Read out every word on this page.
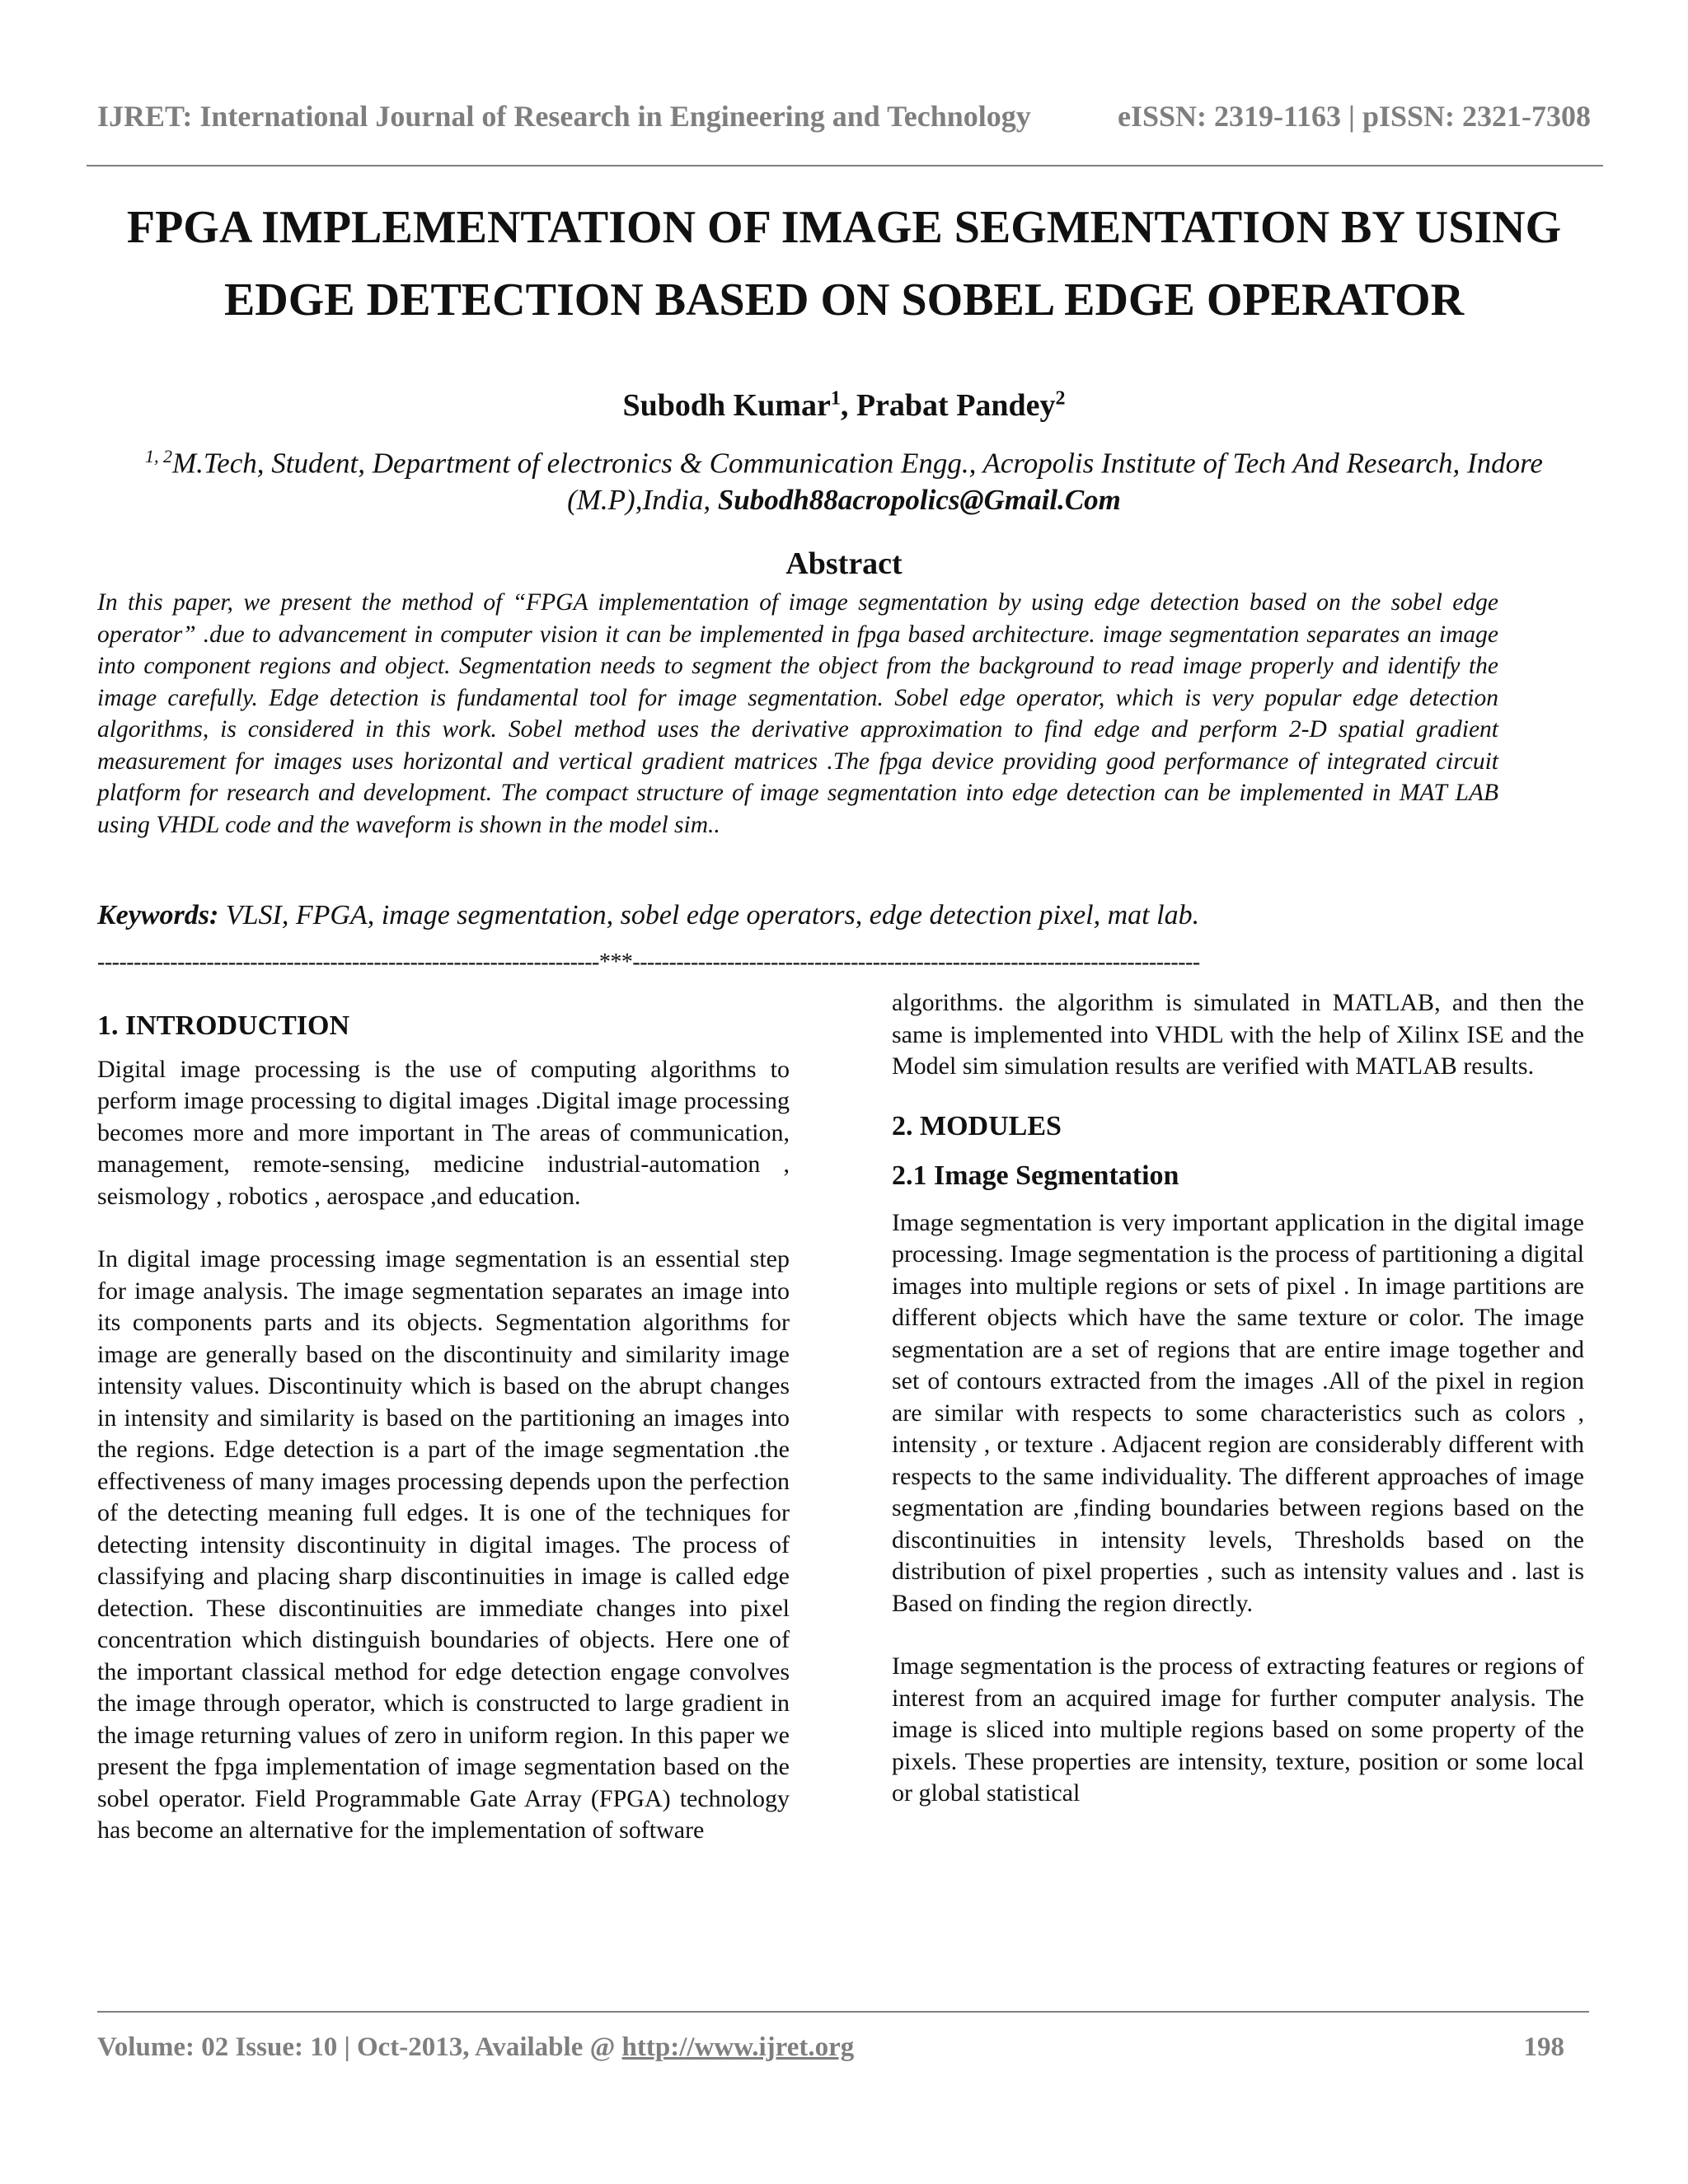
IJRET: International Journal of Research in Engineering and Technology	eISSN: 2319-1163 | pISSN: 2321-7308
FPGA IMPLEMENTATION OF IMAGE SEGMENTATION BY USING
EDGE DETECTION BASED ON SOBEL EDGE OPERATOR
Subodh Kumar$^1$, Prabat Pandey$^2$
$^{1, 2}$M.Tech, Student, Department of electronics & Communication Engg., Acropolis Institute of Tech And Research, Indore (M.P),India, Subodh88acropolics@Gmail.Com
Abstract
In this paper, we present the method of “FPGA implementation of image segmentation by using edge detection based on the sobel edge operator” .due to advancement in computer vision it can be implemented in fpga based architecture. image segmentation separates an image into component regions and object. Segmentation needs to segment the object from the background to read image properly and identify the image carefully. Edge detection is fundamental tool for image segmentation. Sobel edge operator, which is very popular edge detection algorithms, is considered in this work. Sobel method uses the derivative approximation to find edge and perform 2-D spatial gradient measurement for images uses horizontal and vertical gradient matrices .The fpga device providing good performance of integrated circuit platform for research and development. The compact structure of image segmentation into edge detection can be implemented in MAT LAB using VHDL code and the waveform is shown in the model sim..
Keywords: VLSI, FPGA, image segmentation, sobel edge operators, edge detection pixel, mat lab.
---------------------------------------------------------------------***------------------------------------------------------------------------------
1. INTRODUCTION

Digital image processing is the use of computing algorithms to perform image processing to digital images .Digital image processing becomes more and more important in The areas of communication, management, remote-sensing, medicine industrial-automation , seismology , robotics , aerospace ,and education.

In digital image processing image segmentation is an essential step for image analysis. The image segmentation separates an image into its components parts and its objects. Segmentation algorithms for image are generally based on the discontinuity and similarity image intensity values. Discontinuity which is based on the abrupt changes in intensity and similarity is based on the partitioning an images into the regions. Edge detection is a part of the image segmentation .the effectiveness of many images processing depends upon the perfection of the detecting meaning full edges. It is one of the techniques for detecting intensity discontinuity in digital images. The process of classifying and placing sharp discontinuities in image is called edge detection. These discontinuities are immediate changes into pixel concentration which distinguish boundaries of objects. Here one of the important classical method for edge detection engage convolves the image through operator, which is constructed to large gradient in the image returning values of zero in uniform region. In this paper we present the fpga implementation of image segmentation based on the sobel operator. Field Programmable Gate Array (FPGA) technology has become an alternative for the implementation of software

algorithms. the algorithm is simulated in MATLAB, and then the same is implemented into VHDL with the help of Xilinx ISE and the Model sim simulation results are verified with MATLAB results.

2. MODULES
2.1 Image Segmentation

Image segmentation is very important application in the digital image processing. Image segmentation is the process of partitioning a digital images into multiple regions or sets of pixel . In image partitions are different objects which have the same texture or color. The image segmentation are a set of regions that are entire image together and set of contours extracted from the images .All of the pixel in region are similar with respects to some characteristics such as colors , intensity , or texture . Adjacent region are considerably different with respects to the same individuality. The different approaches of image segmentation are ,finding boundaries between regions based on the discontinuities in intensity levels, Thresholds based on the distribution of pixel properties , such as intensity values and . last is Based on finding the region directly.

Image segmentation is the process of extracting features or regions of interest from an acquired image for further computer analysis. The image is sliced into multiple regions based on some property of the pixels. These properties are intensity, texture, position or some local or global statistical

Volume: 02 Issue: 10 | Oct-2013, Available @ http://www.ijret.org	198
